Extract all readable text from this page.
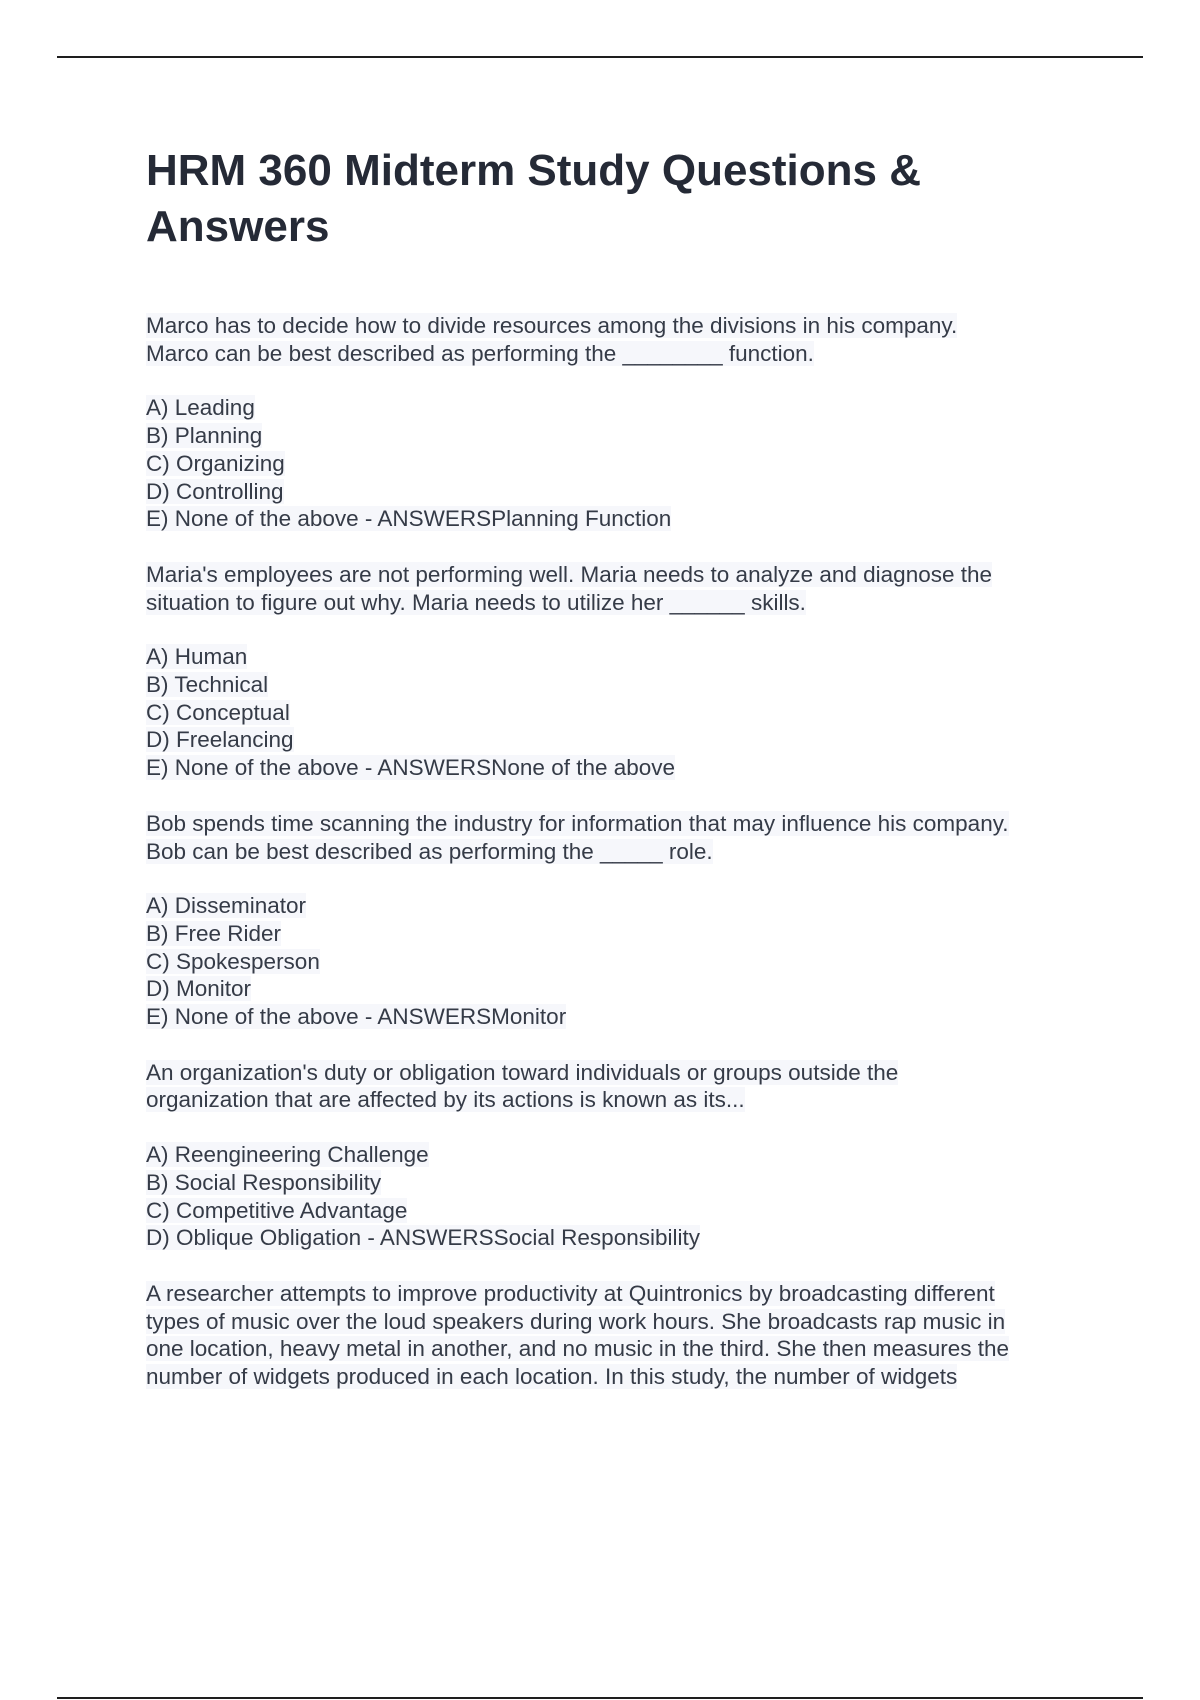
HRM 360 Midterm Study Questions & Answers
Marco has to decide how to divide resources among the divisions in his company.
Marco can be best described as performing the ________ function.
A) Leading
B) Planning
C) Organizing
D) Controlling
E) None of the above - ANSWERSPlanning Function
Maria's employees are not performing well. Maria needs to analyze and diagnose the
situation to figure out why. Maria needs to utilize her ______ skills.
A) Human
B) Technical
C) Conceptual
D) Freelancing
E) None of the above - ANSWERSNone of the above
Bob spends time scanning the industry for information that may influence his company.
Bob can be best described as performing the _____ role.
A) Disseminator
B) Free Rider
C) Spokesperson
D) Monitor
E) None of the above - ANSWERSMonitor
An organization's duty or obligation toward individuals or groups outside the
organization that are affected by its actions is known as its...
A) Reengineering Challenge
B) Social Responsibility
C) Competitive Advantage
D) Oblique Obligation - ANSWERSSocial Responsibility
A researcher attempts to improve productivity at Quintronics by broadcasting different
types of music over the loud speakers during work hours. She broadcasts rap music in
one location, heavy metal in another, and no music in the third. She then measures the
number of widgets produced in each location. In this study, the number of widgets
